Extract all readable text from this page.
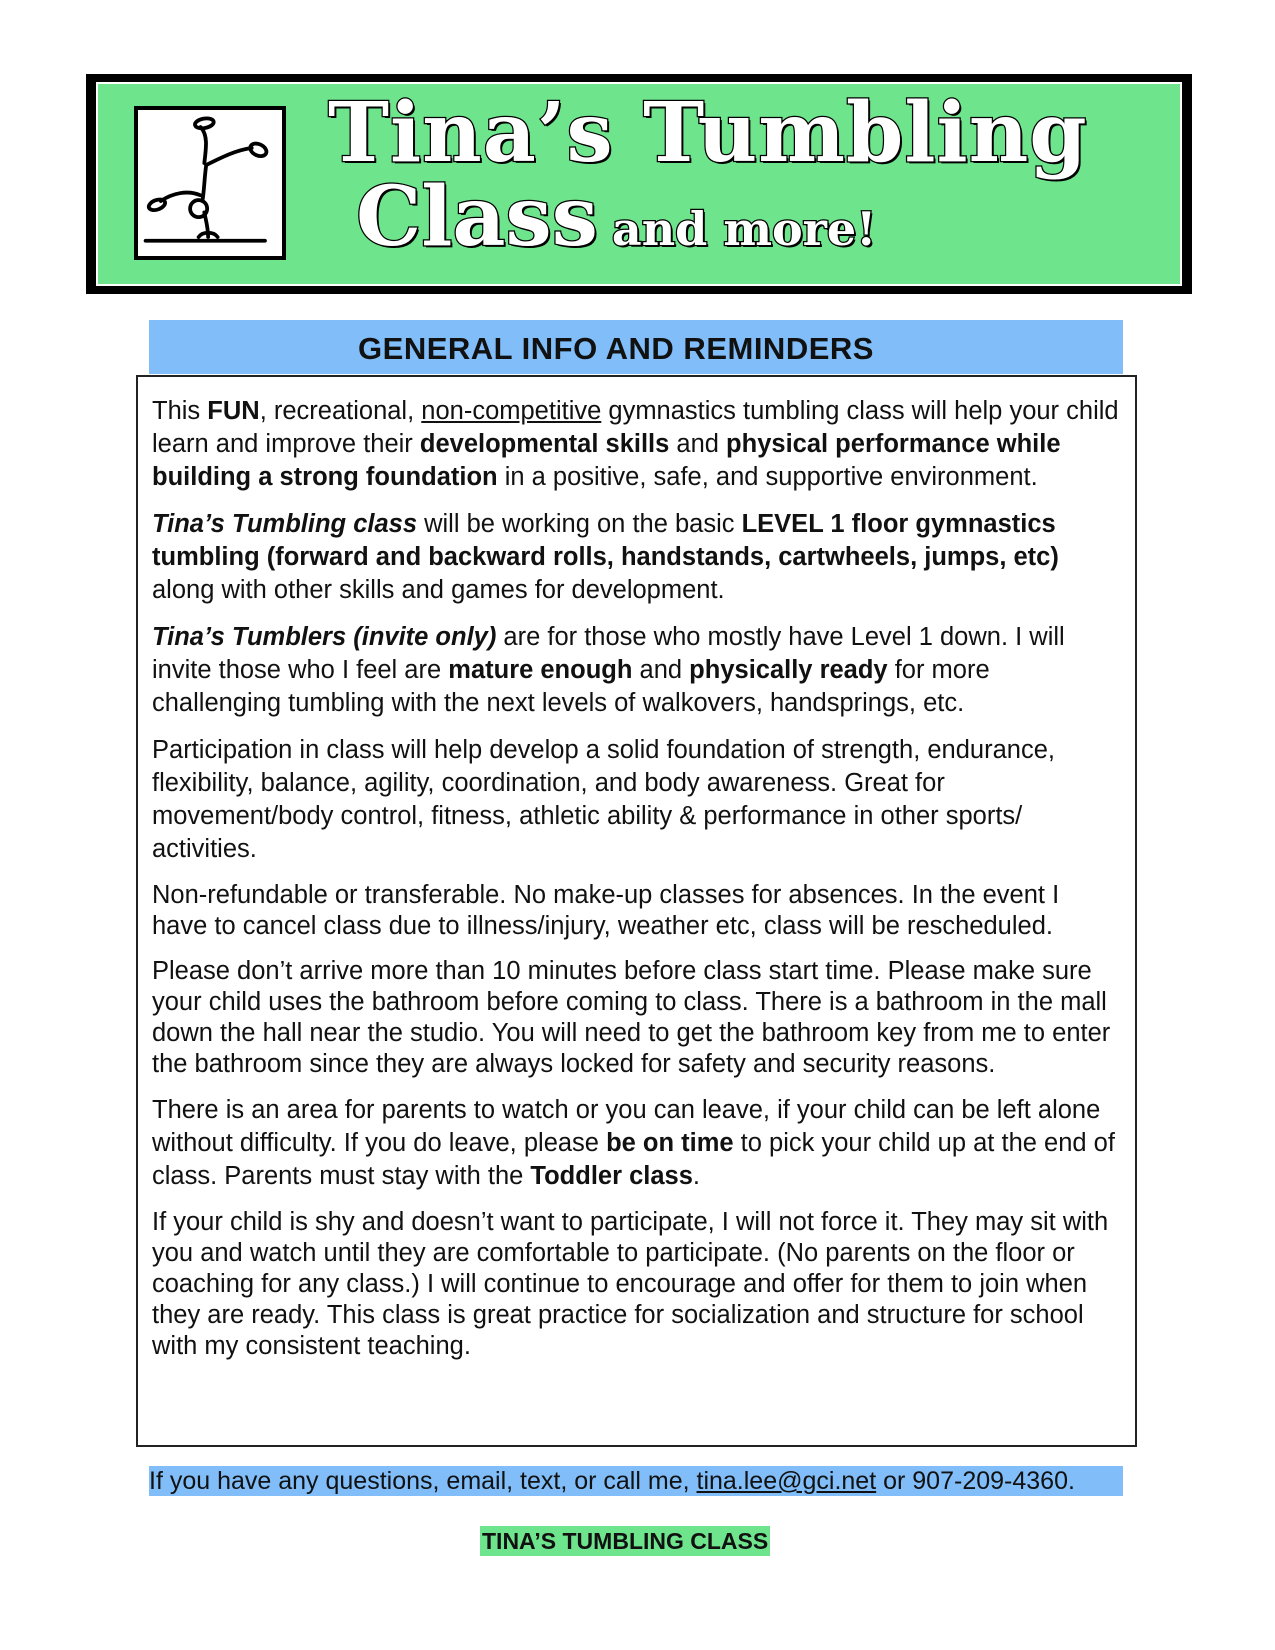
Tina’s Tumbling
Class and more!
GENERAL INFO AND REMINDERS

This FUN, recreational, non-competitive gymnastics tumbling class will help your child learn and improve their developmental skills and physical performance while building a strong foundation in a positive, safe, and supportive environment.

Tina’s Tumbling class will be working on the basic LEVEL 1 floor gymnastics tumbling (forward and backward rolls, handstands, cartwheels, jumps, etc) along with other skills and games for development.

Tina’s Tumblers (invite only) are for those who mostly have Level 1 down. I will invite those who I feel are mature enough and physically ready for more challenging tumbling with the next levels of walkovers, handsprings, etc.

Participation in class will help develop a solid foundation of strength, endurance, flexibility, balance, agility, coordination, and body awareness. Great for movement/body control, fitness, athletic ability & performance in other sports/ activities.

Non-refundable or transferable. No make-up classes for absences. In the event I have to cancel class due to illness/injury, weather etc, class will be rescheduled.

Please don’t arrive more than 10 minutes before class start time. Please make sure your child uses the bathroom before coming to class. There is a bathroom in the mall down the hall near the studio. You will need to get the bathroom key from me to enter the bathroom since they are always locked for safety and security reasons.

There is an area for parents to watch or you can leave, if your child can be left alone without difficulty. If you do leave, please be on time to pick your child up at the end of class. Parents must stay with the Toddler class.

If your child is shy and doesn’t want to participate, I will not force it. They may sit with you and watch until they are comfortable to participate. (No parents on the floor or coaching for any class.) I will continue to encourage and offer for them to join when they are ready. This class is great practice for socialization and structure for school with my consistent teaching.

If you have any questions, email, text, or call me, tina.lee@gci.net or 907-209-4360.
TINA’S TUMBLING CLASS
